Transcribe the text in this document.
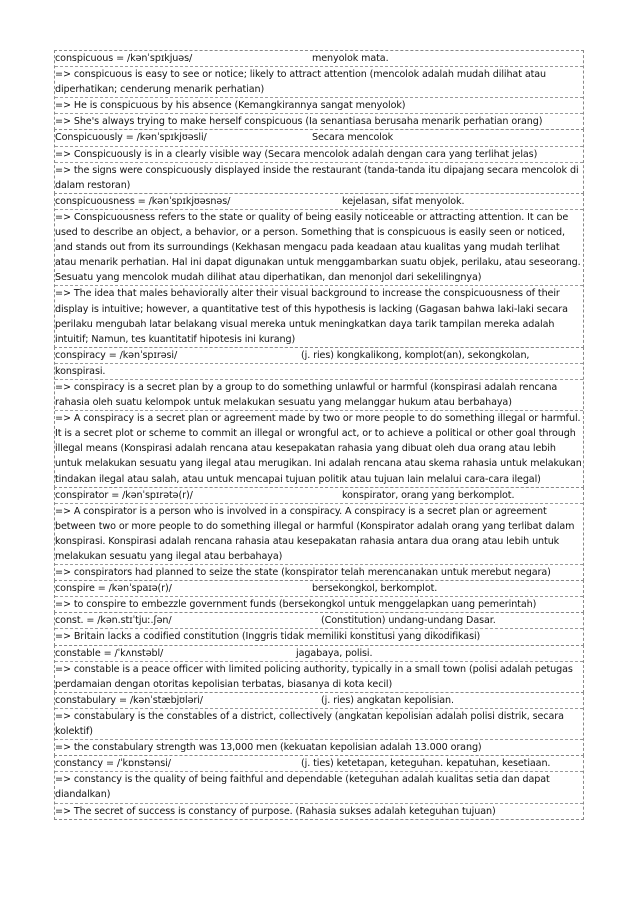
conspicuous = /kənˈspɪkjuəs/	menyolok mata.
=> conspicuous is easy to see or notice; likely to attract attention (mencolok adalah mudah dilihat atau diperhatikan; cenderung menarik perhatian)
=> He is conspicuous by his absence (Kemangkirannya sangat menyolok)
=> She's always trying to make herself conspicuous (Ia senantiasa berusaha menarik perhatian orang)
Conspicuously = /kənˈspɪkjʊəsli/	Secara mencolok
=> Conspicuously is in a clearly visible way (Secara mencolok adalah dengan cara yang terlihat jelas)
=> the signs were conspicuously displayed inside the restaurant (tanda-tanda itu dipajang secara mencolok di dalam restoran)
conspicuousness = /kənˈspɪkjʊəsnəs/	kejelasan, sifat menyolok.
=> Conspicuousness refers to the state or quality of being easily noticeable or attracting attention. It can be used to describe an object, a behavior, or a person. Something that is conspicuous is easily seen or noticed, and stands out from its surroundings (Kekhasan mengacu pada keadaan atau kualitas yang mudah terlihat atau menarik perhatian. Hal ini dapat digunakan untuk menggambarkan suatu objek, perilaku, atau seseorang. Sesuatu yang mencolok mudah dilihat atau diperhatikan, dan menonjol dari sekelilingnya)
=> The idea that males behaviorally alter their visual background to increase the conspicuousness of their display is intuitive; however, a quantitative test of this hypothesis is lacking (Gagasan bahwa laki-laki secara perilaku mengubah latar belakang visual mereka untuk meningkatkan daya tarik tampilan mereka adalah intuitif; Namun, tes kuantitatif hipotesis ini kurang)
conspiracy = /kənˈspɪrəsi/	(j. ries) kongkalikong, komplot(an), sekongkolan,
konspirasi.
=> conspiracy is a secret plan by a group to do something unlawful or harmful (konspirasi adalah rencana rahasia oleh suatu kelompok untuk melakukan sesuatu yang melanggar hukum atau berbahaya)
=> A conspiracy is a secret plan or agreement made by two or more people to do something illegal or harmful. It is a secret plot or scheme to commit an illegal or wrongful act, or to achieve a political or other goal through illegal means (Konspirasi adalah rencana atau kesepakatan rahasia yang dibuat oleh dua orang atau lebih untuk melakukan sesuatu yang ilegal atau merugikan. Ini adalah rencana atau skema rahasia untuk melakukan tindakan ilegal atau salah, atau untuk mencapai tujuan politik atau tujuan lain melalui cara-cara ilegal)
conspirator = /kənˈspɪrətə(r)/	konspirator, orang yang berkomplot.
=> A conspirator is a person who is involved in a conspiracy. A conspiracy is a secret plan or agreement between two or more people to do something illegal or harmful (Konspirator adalah orang yang terlibat dalam konspirasi. Konspirasi adalah rencana rahasia atau kesepakatan rahasia antara dua orang atau lebih untuk melakukan sesuatu yang ilegal atau berbahaya)
=> conspirators had planned to seize the state (konspirator telah merencanakan untuk merebut negara)
conspire = /kənˈspaɪə(r)/	bersekongkol, berkomplot.
=> to conspire to embezzle government funds (bersekongkol untuk menggelapkan uang pemerintah)
const. = /kən.stɪˈtjuː.ʃən/	(Constitution) undang-undang Dasar.
=> Britain lacks a codified constitution (Inggris tidak memiliki konstitusi yang dikodifikasi)
constable = /ˈkʌnstəbl/	jagabaya, polisi.
=> constable is a peace officer with limited policing authority, typically in a small town (polisi adalah petugas perdamaian dengan otoritas kepolisian terbatas, biasanya di kota kecil)
constabulary = /kənˈstæbjʊləri/	(j. ries) angkatan kepolisian.
=> constabulary is the constables of a district, collectively (angkatan kepolisian adalah polisi distrik, secara kolektif)
=> the constabulary strength was 13,000 men (kekuatan kepolisian adalah 13.000 orang)
constancy = /ˈkɒnstənsi/	(j. ties) ketetapan, keteguhan. kepatuhan, kesetiaan.
=> constancy is the quality of being faithful and dependable (keteguhan adalah kualitas setia dan dapat diandalkan)
=> The secret of success is constancy of purpose. (Rahasia sukses adalah keteguhan tujuan)
